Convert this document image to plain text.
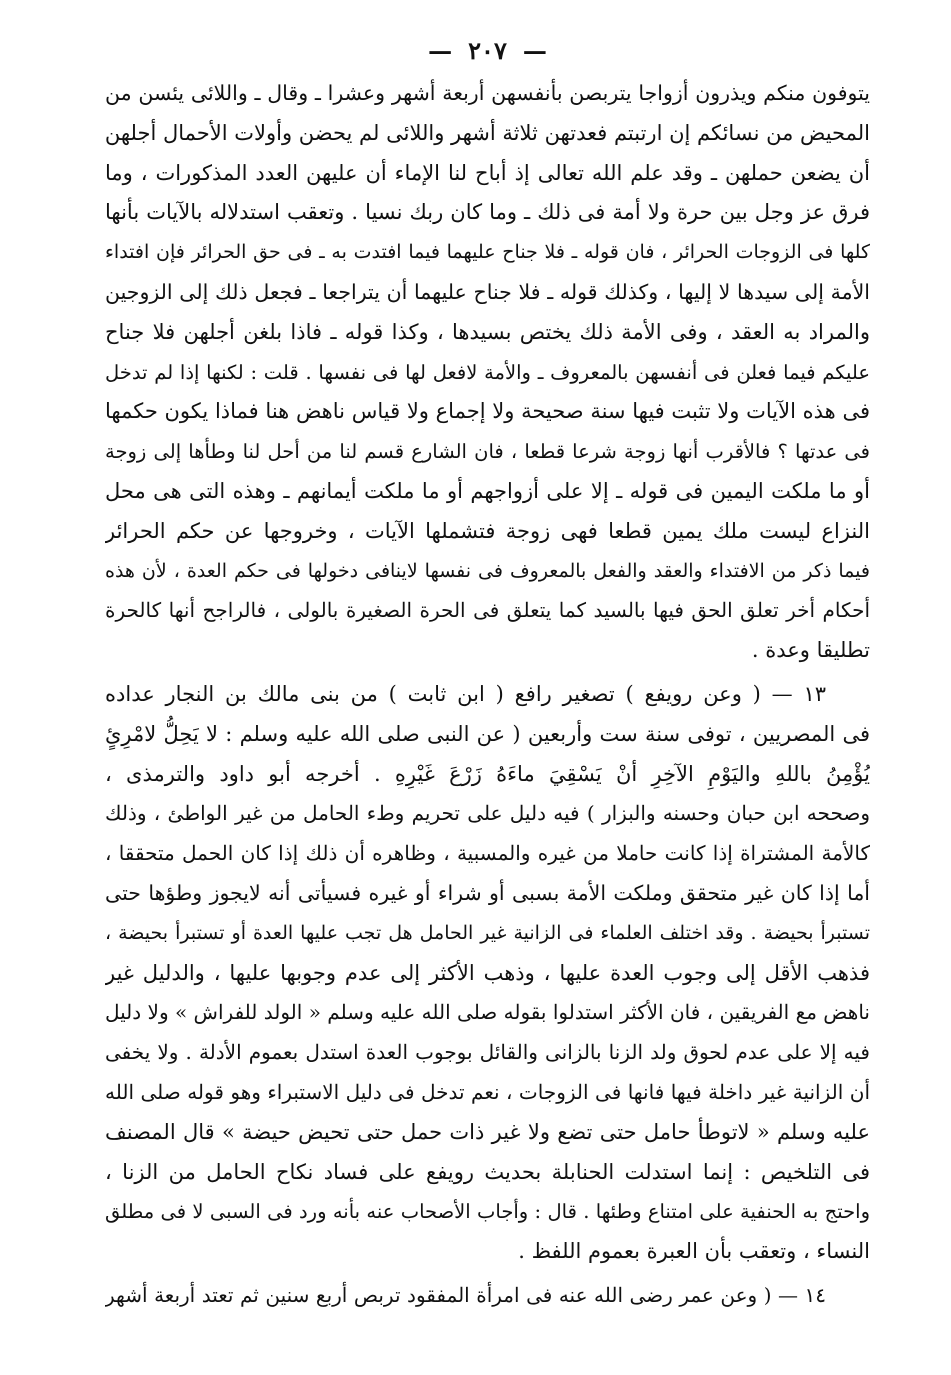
—٢٠٧—
يتوفون منكم ويذرون أزواجا يتربصن بأنفسهن أربعة أشهر وعشرا ـ وقال ـ واللائى يئسن من
المحيض من نسائكم إن ارتبتم فعدتهن ثلاثة أشهر واللائى لم يحضن وأولات الأحمال أجلهن
أن يضعن حملهن ـ وقد علم الله تعالى إذ أباح لنا الإماء أن عليهن العدد المذكورات ، وما
فرق عز وجل بين حرة ولا أمة فى ذلك ـ وما كان ربك نسيا . وتعقب استدلاله بالآيات بأنها
كلها فى الزوجات الحرائر ، فان قوله ـ فلا جناح عليهما فيما افتدت به ـ فى حق الحرائر فإن افتداء
الأمة إلى سيدها لا إليها ، وكذلك قوله ـ فلا جناح عليهما أن يتراجعا ـ فجعل ذلك إلى الزوجين
والمراد به العقد ، وفى الأمة ذلك يختص بسيدها ، وكذا قوله ـ فاذا بلغن أجلهن فلا جناح
عليكم فيما فعلن فى أنفسهن بالمعروف ـ والأمة لافعل لها فى نفسها . قلت : لكنها إذا لم تدخل
فى هذه الآيات ولا تثبت فيها سنة صحيحة ولا إجماع ولا قياس ناهض هنا فماذا يكون حكمها
فى عدتها ؟ فالأقرب أنها زوجة شرعا قطعا ، فان الشارع قسم لنا من أحل لنا وطأها إلى زوجة
أو ما ملكت اليمين فى قوله ـ إلا على أزواجهم أو ما ملكت أيمانهم ـ وهذه التى هى محل
النزاع ليست ملك يمين قطعا فهى زوجة فتشملها الآيات ، وخروجها عن حكم الحرائر
فيما ذكر من الافتداء والعقد والفعل بالمعروف فى نفسها لاينافى دخولها فى حكم العدة ، لأن هذه
أحكام أخر تعلق الحق فيها بالسيد كما يتعلق فى الحرة الصغيرة بالولى ، فالراجح أنها كالحرة
تطليقا وعدة .
١٣ — ( وعن رويفع ) تصغير رافع ( ابن ثابت ) من بنى مالك بن النجار عداده
فى المصريين ، توفى سنة ست وأربعين ( عن النبى صلى الله عليه وسلم : لا يَحِلُّ لامْرِئٍ
يُؤْمِنُ باللهِ واليَوْمِ الآخِرِ أنْ يَسْقِيَ ماءَهُ زَرْعَ غَيْرِهِ . أخرجه أبو داود والترمذى ،
وصححه ابن حبان وحسنه والبزار ) فيه دليل على تحريم وطء الحامل من غير الواطئ ، وذلك
كالأمة المشتراة إذا كانت حاملا من غيره والمسبية ، وظاهره أن ذلك إذا كان الحمل متحققا ،
أما إذا كان غير متحقق وملكت الأمة بسبى أو شراء أو غيره فسيأتى أنه لايجوز وطؤها حتى
تستبرأ بحيضة . وقد اختلف العلماء فى الزانية غير الحامل هل تجب عليها العدة أو تستبرأ بحيضة ،
فذهب الأقل إلى وجوب العدة عليها ، وذهب الأكثر إلى عدم وجوبها عليها ، والدليل غير
ناهض مع الفريقين ، فان الأكثر استدلوا بقوله صلى الله عليه وسلم « الولد للفراش » ولا دليل
فيه إلا على عدم لحوق ولد الزنا بالزانى والقائل بوجوب العدة استدل بعموم الأدلة . ولا يخفى
أن الزانية غير داخلة فيها فانها فى الزوجات ، نعم تدخل فى دليل الاستبراء وهو قوله صلى الله
عليه وسلم « لاتوطأ حامل حتى تضع ولا غير ذات حمل حتى تحيض حيضة » قال المصنف
فى التلخيص : إنما استدلت الحنابلة بحديث رويفع على فساد نكاح الحامل من الزنا ،
واحتج به الحنفية على امتناع وطئها . قال : وأجاب الأصحاب عنه بأنه ورد فى السبى لا فى مطلق
النساء ، وتعقب بأن العبرة بعموم اللفظ .
١٤ — ( وعن عمر رضى الله عنه فى امرأة المفقود تربص أربع سنين ثم تعتد أربعة أشهر
